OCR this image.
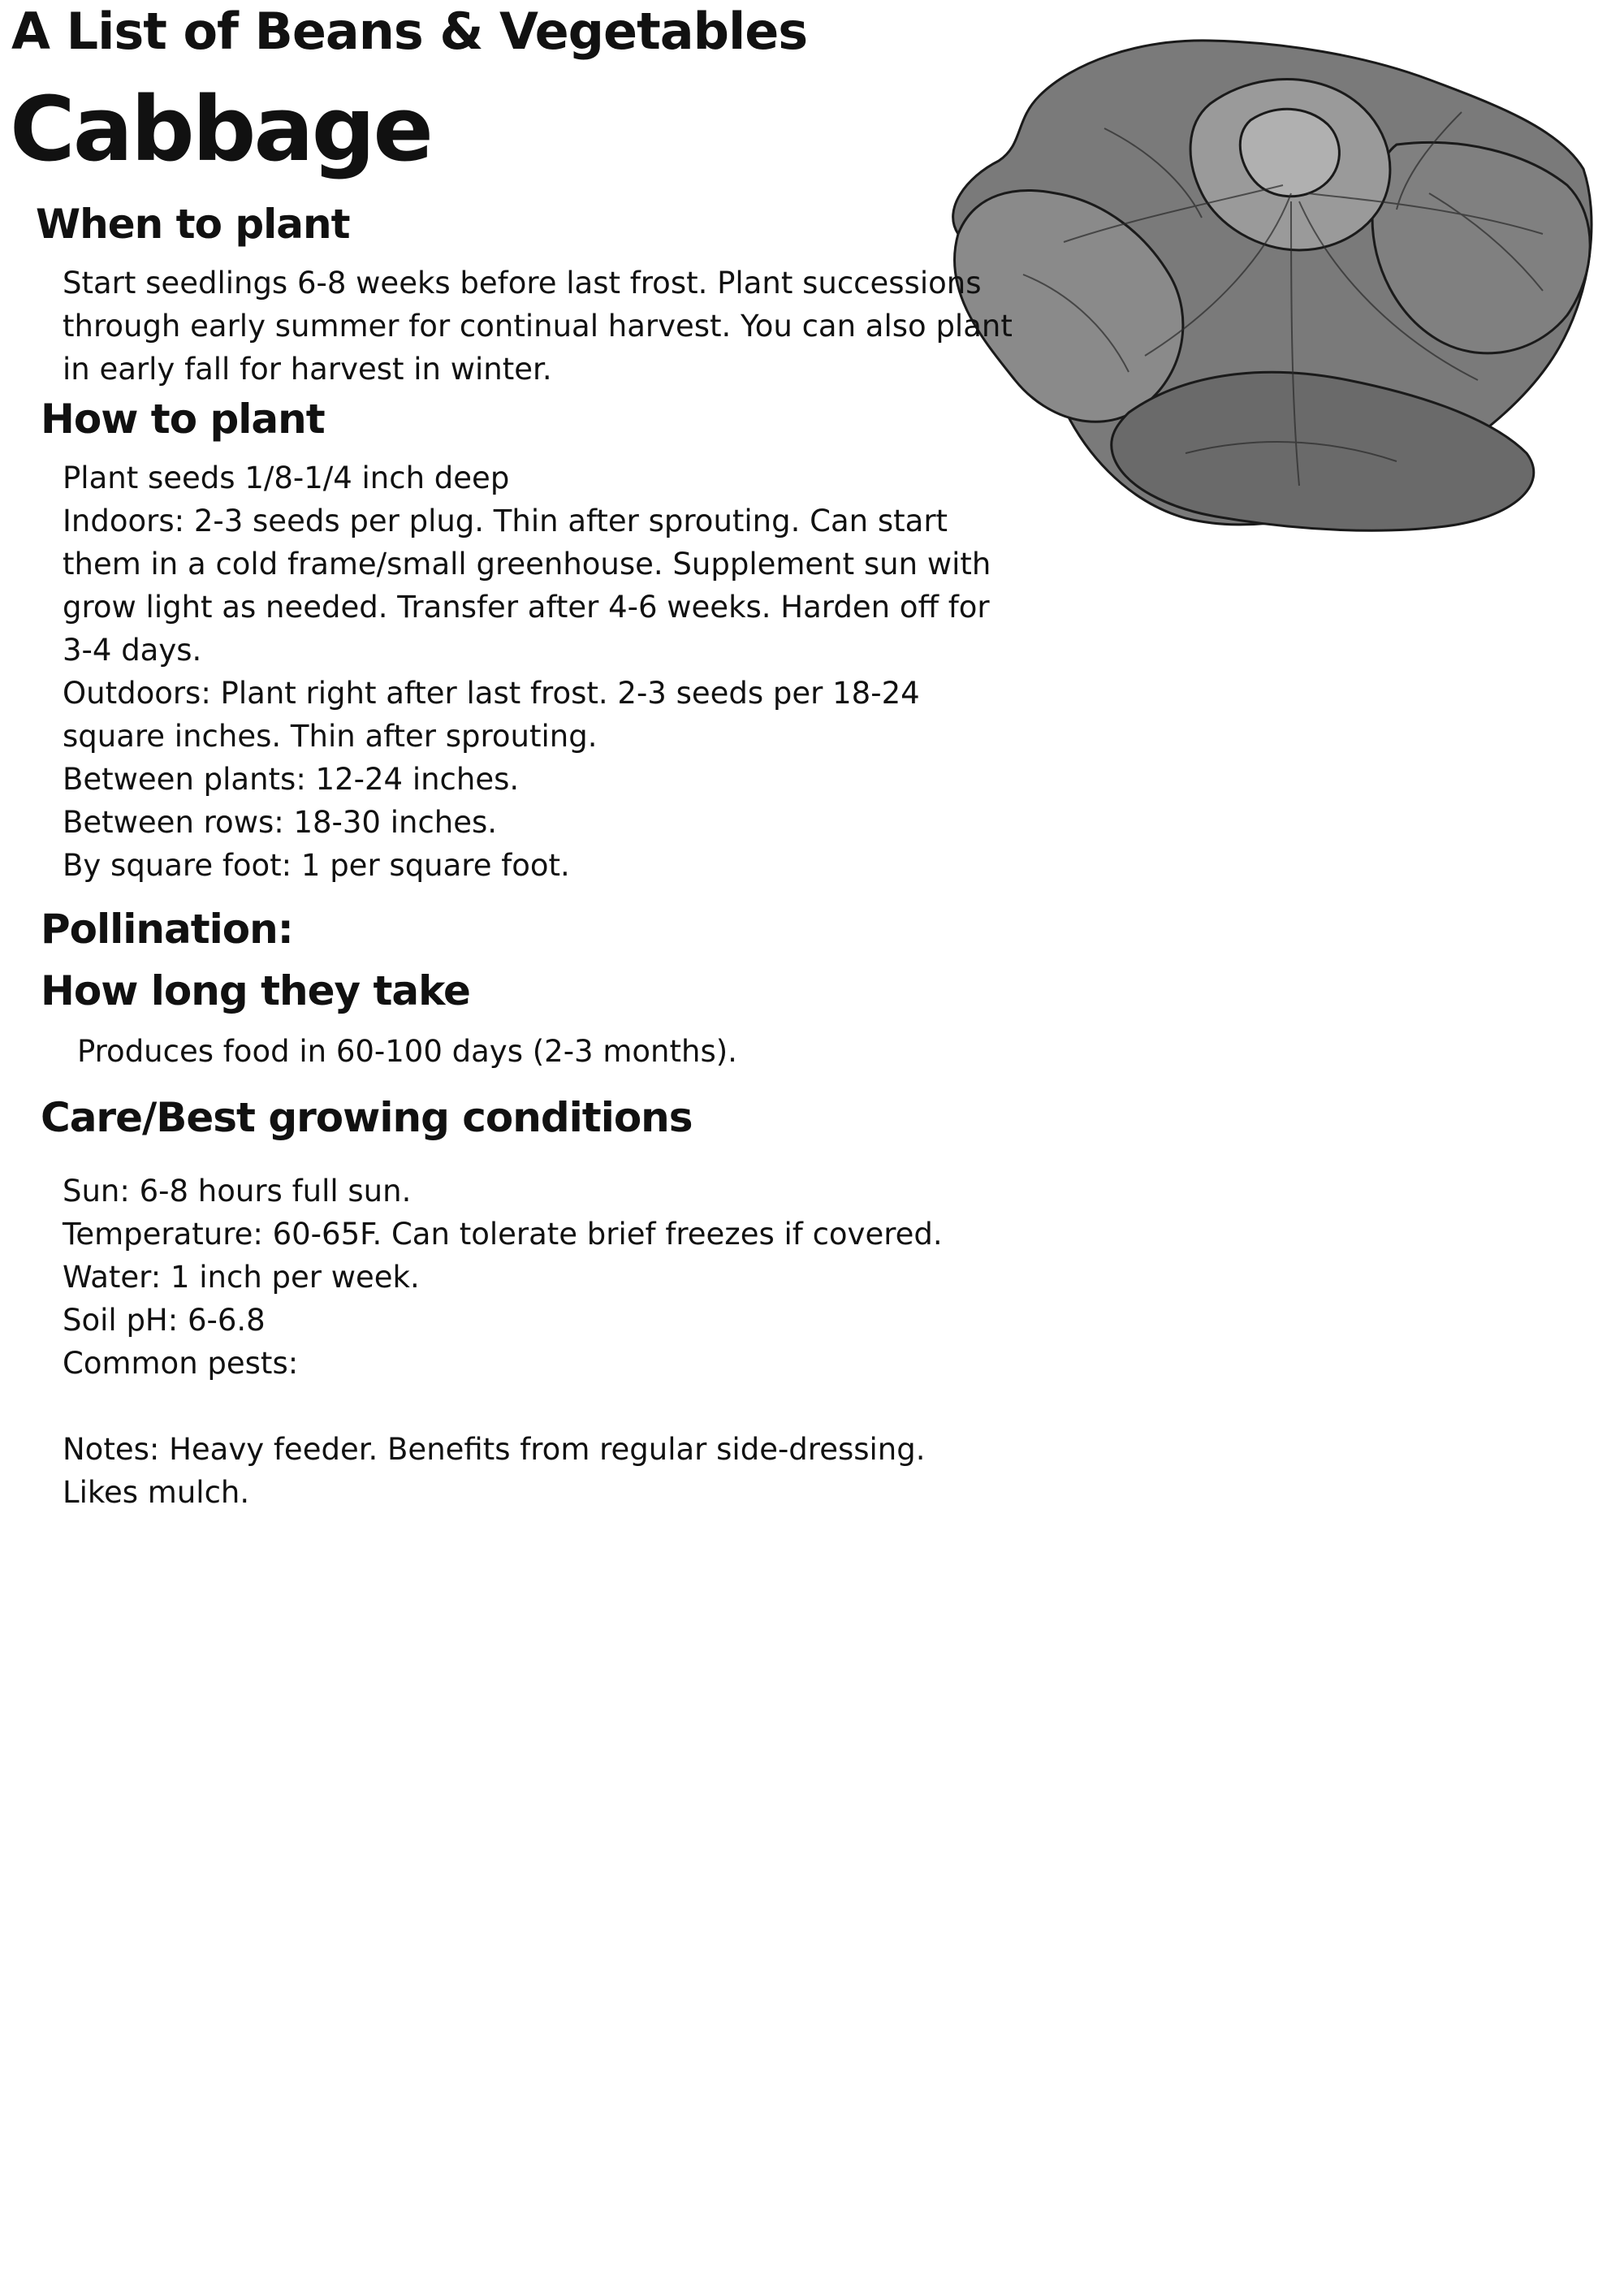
A List of Beans & Vegetables
Cabbage
When to plant
Start seedlings 6-8 weeks before last frost. Plant successions
through early summer for continual harvest. You can also plant
in early fall for harvest in winter.
How to plant
Plant seeds 1/8-1/4 inch deep
Indoors: 2-3 seeds per plug. Thin after sprouting. Can start
them in a cold frame/small greenhouse. Supplement sun with
grow light as needed. Transfer after 4-6 weeks. Harden off for
3-4 days.
Outdoors: Plant right after last frost. 2-3 seeds per 18-24
square inches. Thin after sprouting.
Between plants: 12-24 inches.
Between rows: 18-30 inches.
By square foot: 1 per square foot.
Pollination:
How long they take
Produces food in 60-100 days (2-3 months).
Care/Best growing conditions
Sun: 6-8 hours full sun.
Temperature: 60-65F. Can tolerate brief freezes if covered.
Water: 1 inch per week.
Soil pH: 6-6.8
Common pests:
Notes: Heavy feeder. Benefits from regular side-dressing.
Likes mulch.
